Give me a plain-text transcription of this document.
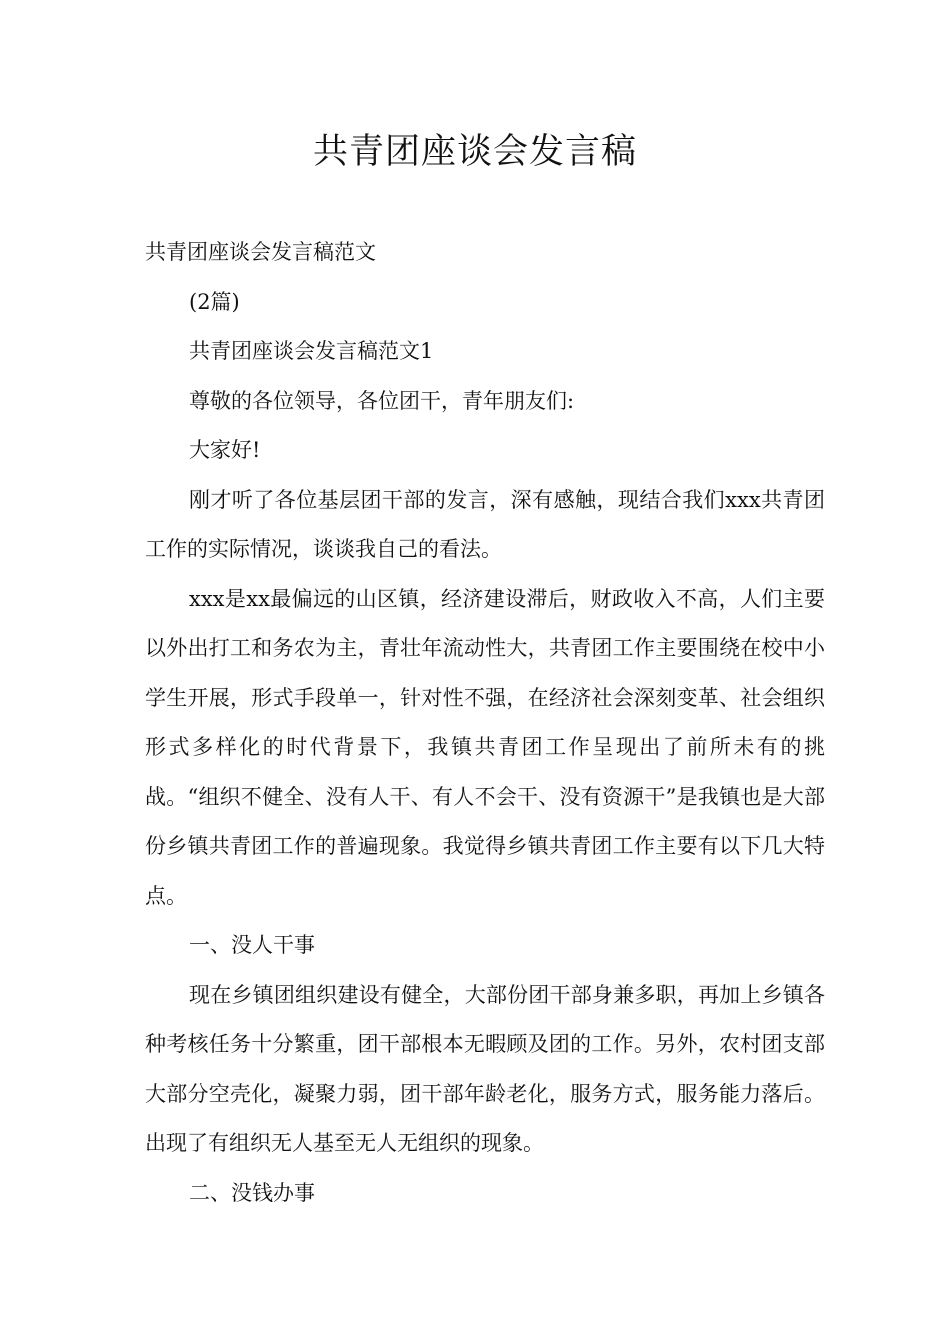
共青团座谈会发言稿

共青团座谈会发言稿范文

(2篇)

共青团座谈会发言稿范文1

尊敬的各位领导，各位团干，青年朋友们:

大家好!

刚才听了各位基层团干部的发言，深有感触，现结合我们xxx共青团工作的实际情况，谈谈我自己的看法。

xxx是xx最偏远的山区镇，经济建设滞后，财政收入不高，人们主要以外出打工和务农为主，青壮年流动性大，共青团工作主要围绕在校中小学生开展，形式手段单一，针对性不强，在经济社会深刻变革、社会组织形式多样化的时代背景下，我镇共青团工作呈现出了前所未有的挑战。“组织不健全、没有人干、有人不会干、没有资源干”是我镇也是大部份乡镇共青团工作的普遍现象。我觉得乡镇共青团工作主要有以下几大特点。

一、没人干事

现在乡镇团组织建设有健全，大部份团干部身兼多职，再加上乡镇各种考核任务十分繁重，团干部根本无暇顾及团的工作。另外，农村团支部大部分空壳化，凝聚力弱，团干部年龄老化，服务方式，服务能力落后。出现了有组织无人基至无人无组织的现象。

二、没钱办事
